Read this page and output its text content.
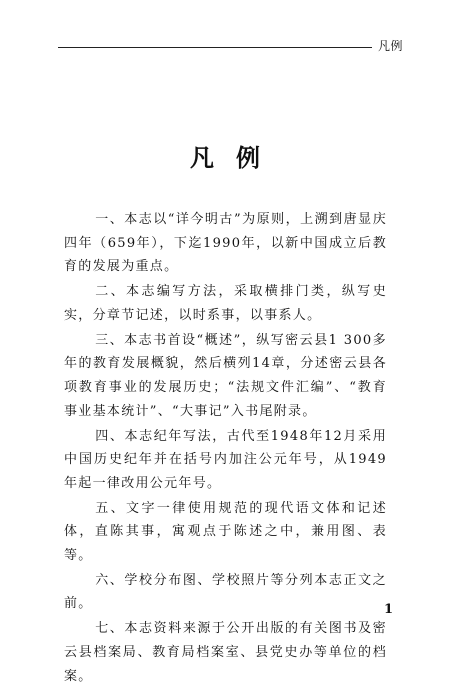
凡例
凡例

一、本志以“详今明古”为原则，上溯到唐显庆四年（659年），下迄1990年，以新中国成立后教育的发展为重点。

二、本志编写方法，采取横排门类，纵写史实，分章节记述，以时系事，以事系人。

三、本志书首设“概述”，纵写密云县1 300多年的教育发展概貌，然后横列14章，分述密云县各项教育事业的发展历史；“法规文件汇编”、“教育事业基本统计”、“大事记”入书尾附录。

四、本志纪年写法，古代至1948年12月采用中国历史纪年并在括号内加注公元年号，从1949年起一律改用公元年号。

五、文字一律使用规范的现代语文体和记述体，直陈其事，寓观点于陈述之中，兼用图、表等。

六、学校分布图、学校照片等分列本志正文之前。

七、本志资料来源于公开出版的有关图书及密云县档案局、教育局档案室、县党史办等单位的档案。

1
